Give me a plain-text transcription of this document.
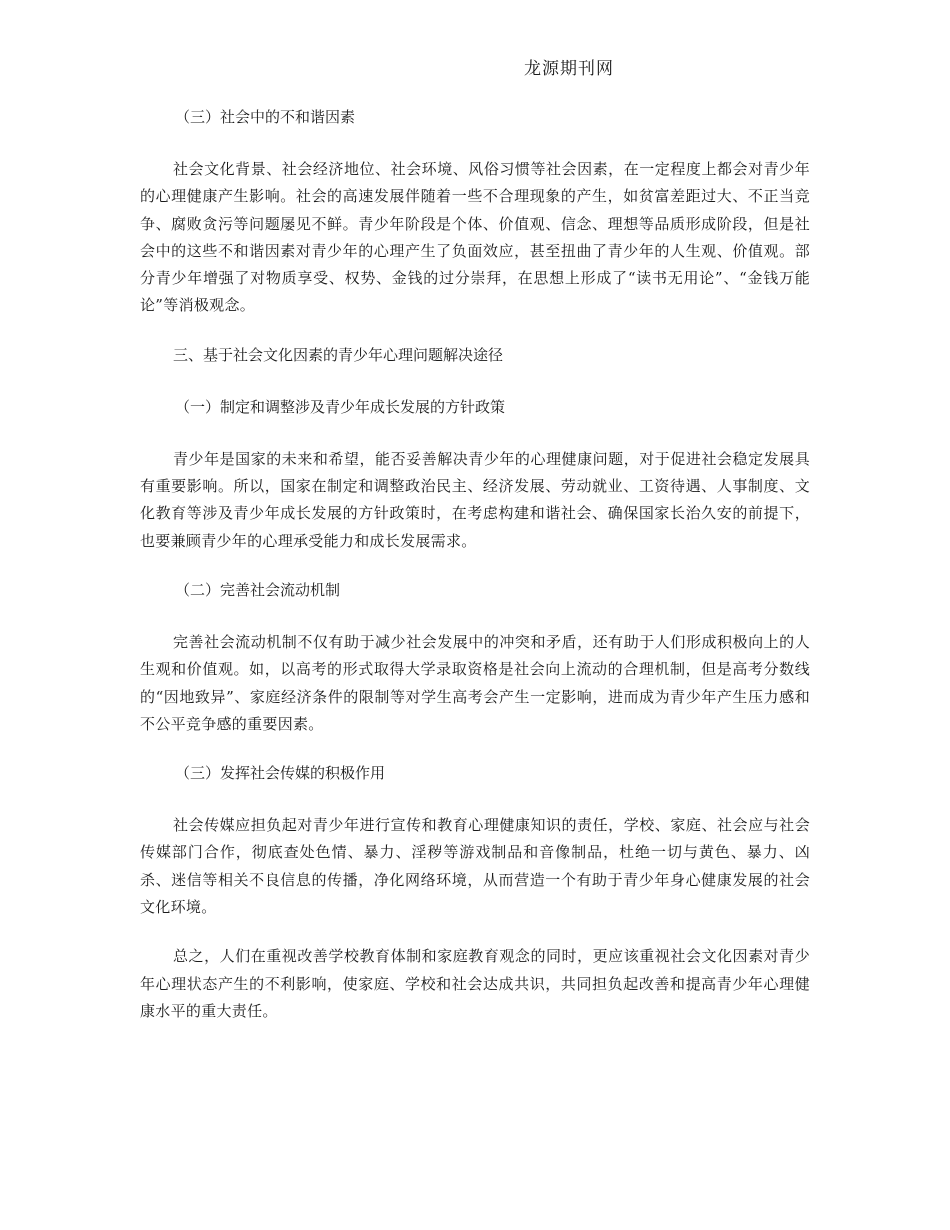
龙源期刊网

（三）社会中的不和谐因素

社会文化背景、社会经济地位、社会环境、风俗习惯等社会因素，在一定程度上都会对青少年的心理健康产生影响。社会的高速发展伴随着一些不合理现象的产生，如贫富差距过大、不正当竞争、腐败贪污等问题屡见不鲜。青少年阶段是个体、价值观、信念、理想等品质形成阶段，但是社会中的这些不和谐因素对青少年的心理产生了负面效应，甚至扭曲了青少年的人生观、价值观。部分青少年增强了对物质享受、权势、金钱的过分崇拜，在思想上形成了“读书无用论”、“金钱万能论”等消极观念。

三、基于社会文化因素的青少年心理问题解决途径

（一）制定和调整涉及青少年成长发展的方针政策

青少年是国家的未来和希望，能否妥善解决青少年的心理健康问题，对于促进社会稳定发展具有重要影响。所以，国家在制定和调整政治民主、经济发展、劳动就业、工资待遇、人事制度、文化教育等涉及青少年成长发展的方针政策时，在考虑构建和谐社会、确保国家长治久安的前提下，也要兼顾青少年的心理承受能力和成长发展需求。

（二）完善社会流动机制

完善社会流动机制不仅有助于减少社会发展中的冲突和矛盾，还有助于人们形成积极向上的人生观和价值观。如，以高考的形式取得大学录取资格是社会向上流动的合理机制，但是高考分数线的“因地致异”、家庭经济条件的限制等对学生高考会产生一定影响，进而成为青少年产生压力感和不公平竞争感的重要因素。

（三）发挥社会传媒的积极作用

社会传媒应担负起对青少年进行宣传和教育心理健康知识的责任，学校、家庭、社会应与社会传媒部门合作，彻底查处色情、暴力、淫秽等游戏制品和音像制品，杜绝一切与黄色、暴力、凶杀、迷信等相关不良信息的传播，净化网络环境，从而营造一个有助于青少年身心健康发展的社会文化环境。

总之，人们在重视改善学校教育体制和家庭教育观念的同时，更应该重视社会文化因素对青少年心理状态产生的不利影响，使家庭、学校和社会达成共识，共同担负起改善和提高青少年心理健康水平的重大责任。
